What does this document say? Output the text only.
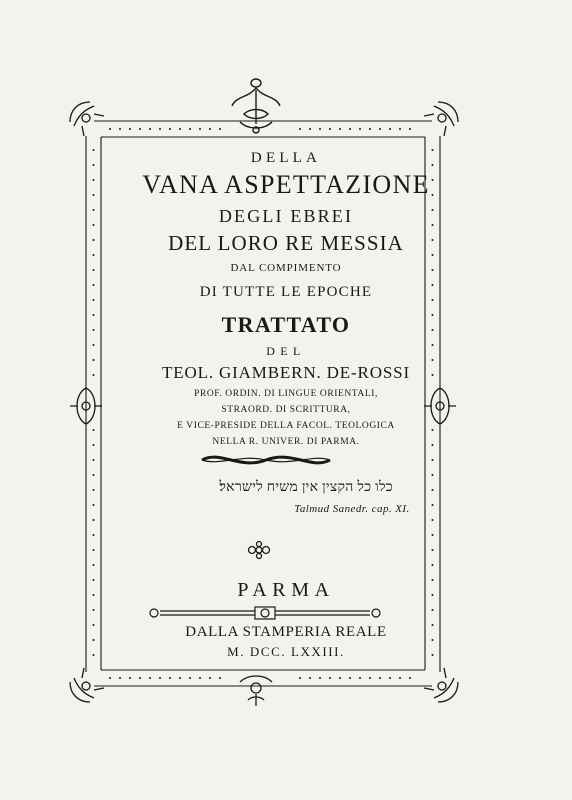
DELLA
VANA ASPETTAZIONE
DEGLI EBREI
DEL LORO RE MESSIA
DAL COMPIMENTO
DI TUTTE LE EPOCHE
TRATTATO
DEL
TEOL. GIAMBERN. DE-ROSSI
PROF. ORDIN. DI LINGUE ORIENTALI,
STRAORD. DI SCRITTURA,
E VICE-PRESIDE DELLA FACOL. TEOLOGICA
NELLA R. UNIVER. DI PARMA.
כלו כל הקצין אין משיח לישראל׃
Talmud Sanedr. cap. XI.
PARMA
DALLA STAMPERIA REALE
M. DCC. LXXIII.
